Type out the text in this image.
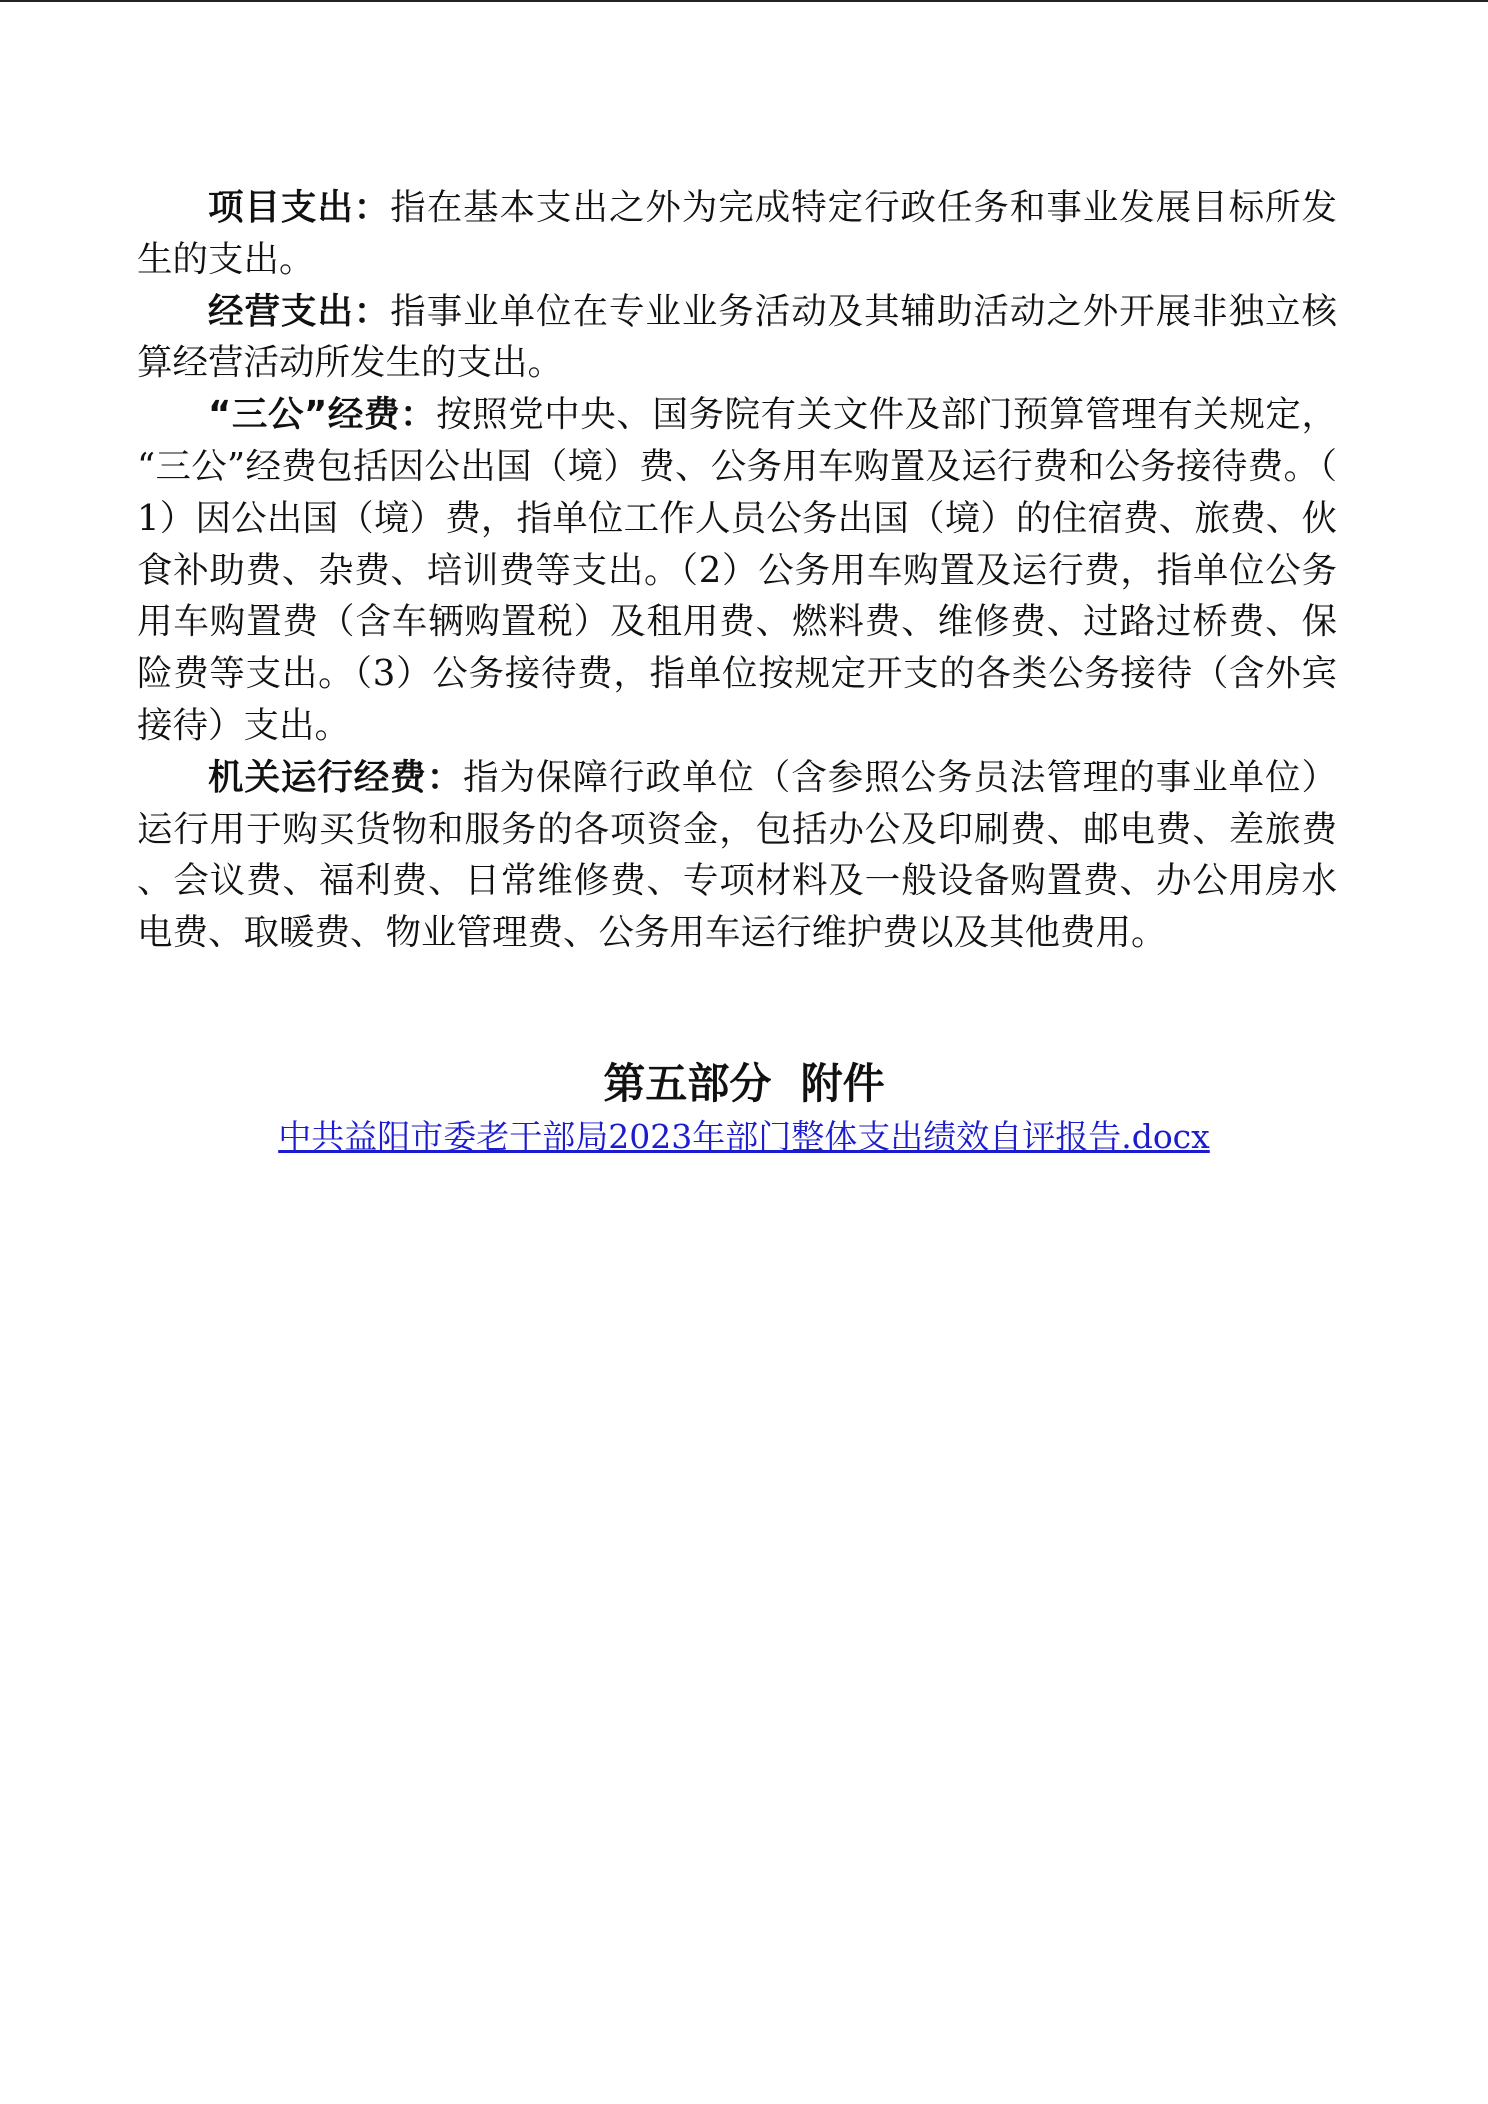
项目支出：指在基本支出之外为完成特定行政任务和事业发展目标所发生的支出。

经营支出：指事业单位在专业业务活动及其辅助活动之外开展非独立核算经营活动所发生的支出。

“三公”经费：按照党中央、国务院有关文件及部门预算管理有关规定，“三公”经费包括因公出国（境）费、公务用车购置及运行费和公务接待费。（1）因公出国（境）费，指单位工作人员公务出国（境）的住宿费、旅费、伙食补助费、杂费、培训费等支出。（2）公务用车购置及运行费，指单位公务用车购置费（含车辆购置税）及租用费、燃料费、维修费、过路过桥费、保险费等支出。（3）公务接待费，指单位按规定开支的各类公务接待（含外宾接待）支出。

机关运行经费：指为保障行政单位（含参照公务员法管理的事业单位）运行用于购买货物和服务的各项资金，包括办公及印刷费、邮电费、差旅费、会议费、福利费、日常维修费、专项材料及一般设备购置费、办公用房水电费、取暖费、物业管理费、公务用车运行维护费以及其他费用。

第五部分  附件
中共益阳市委老干部局2023年部门整体支出绩效自评报告.docx
